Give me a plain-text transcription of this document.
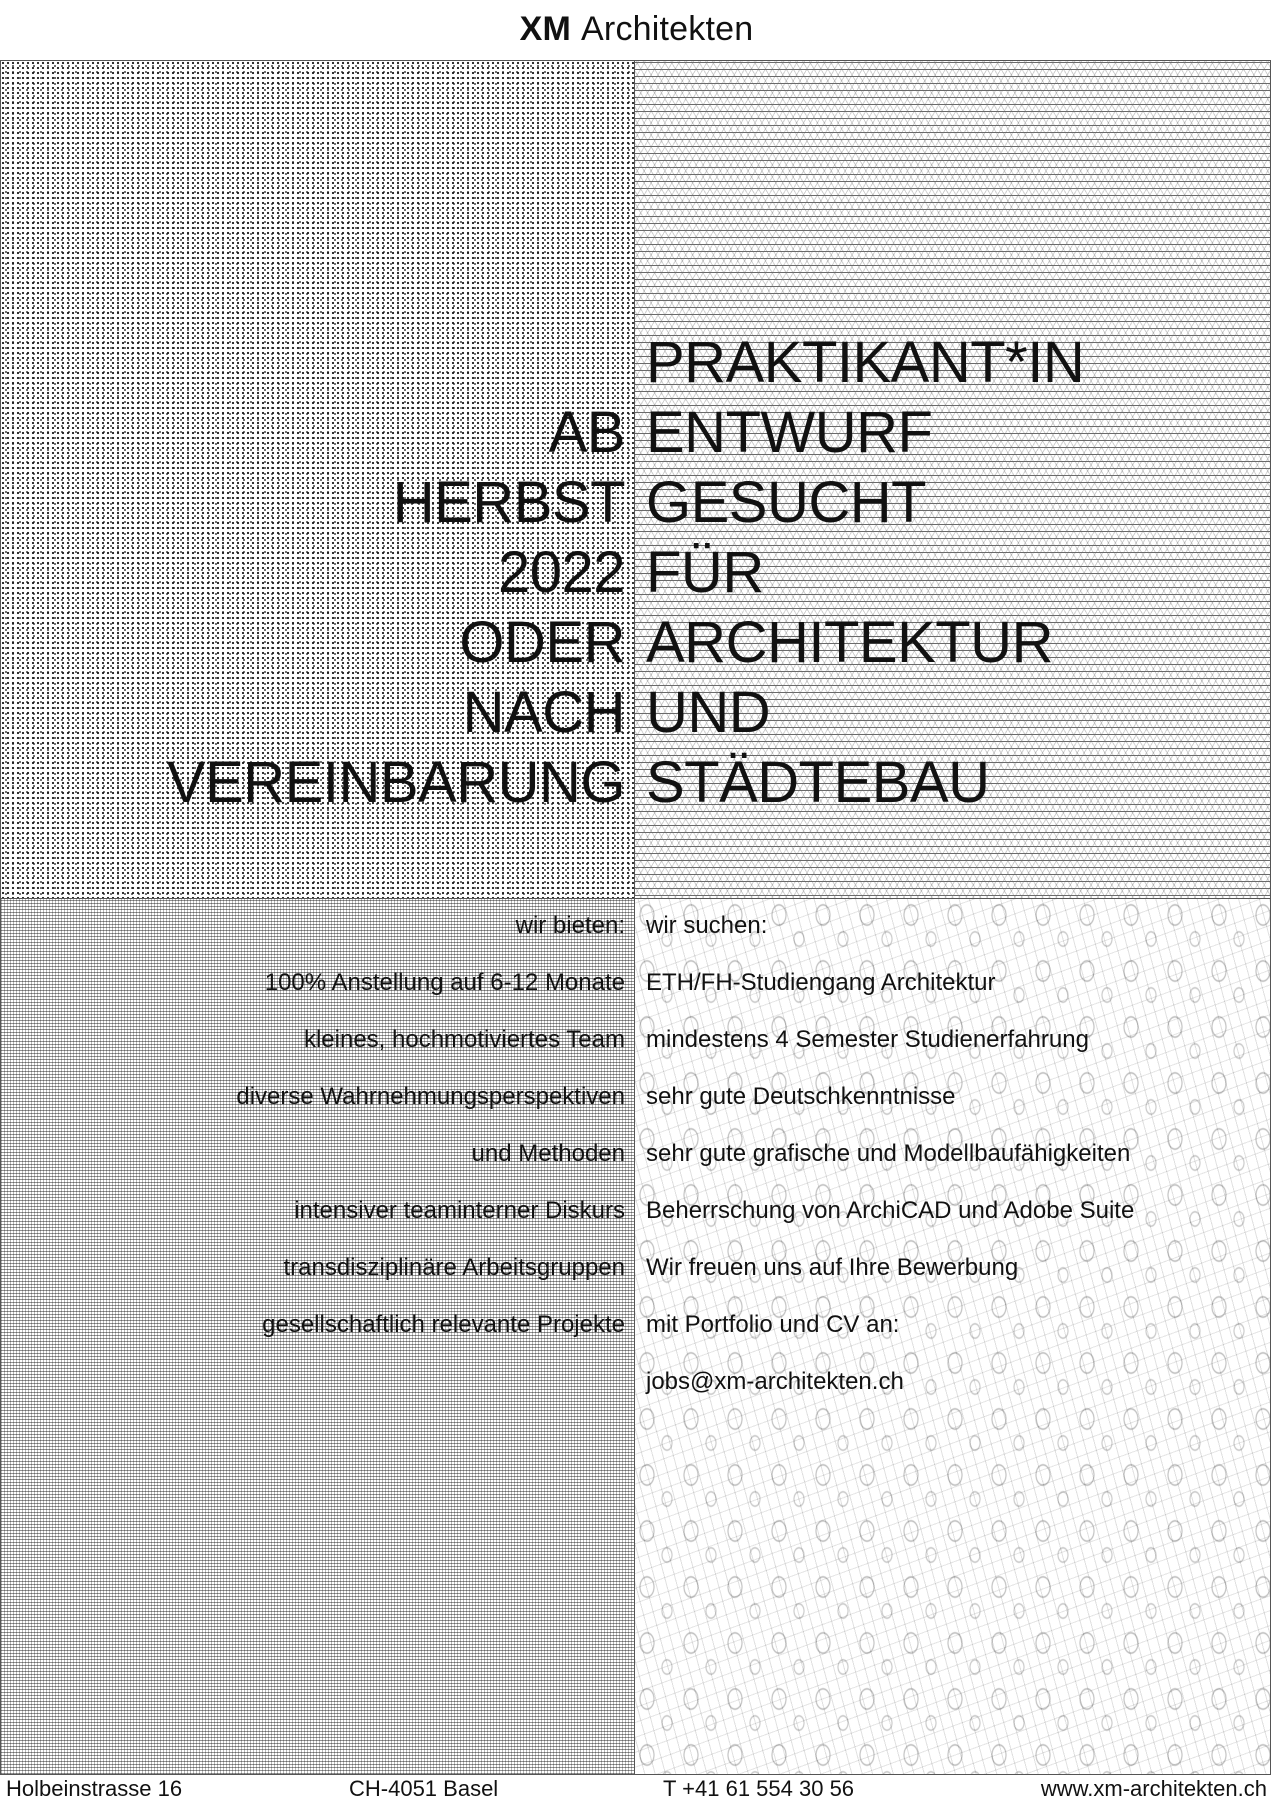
XM Architekten
AB
HERBST
2022
ODER
NACH
VEREINBARUNG
PRAKTIKANT*IN
ENTWURF
GESUCHT
FÜR
ARCHITEKTUR
UND
STÄDTEBAU
wir bieten:
100% Anstellung auf 6-12 Monate
kleines, hochmotiviertes Team
diverse Wahrnehmungsperspektiven
und Methoden
intensiver teaminterner Diskurs
transdisziplinäre Arbeitsgruppen
gesellschaftlich relevante Projekte
wir suchen:
ETH/FH-Studiengang Architektur
mindestens 4 Semester Studienerfahrung
sehr gute Deutschkenntnisse
sehr gute grafische und Modellbaufähigkeiten
Beherrschung von ArchiCAD und Adobe Suite
Wir freuen uns auf Ihre Bewerbung
mit Portfolio und CV an:
jobs@xm-architekten.ch
Holbeinstrasse 16	CH-4051 Basel	T +41 61 554 30 56	www.xm-architekten.ch
